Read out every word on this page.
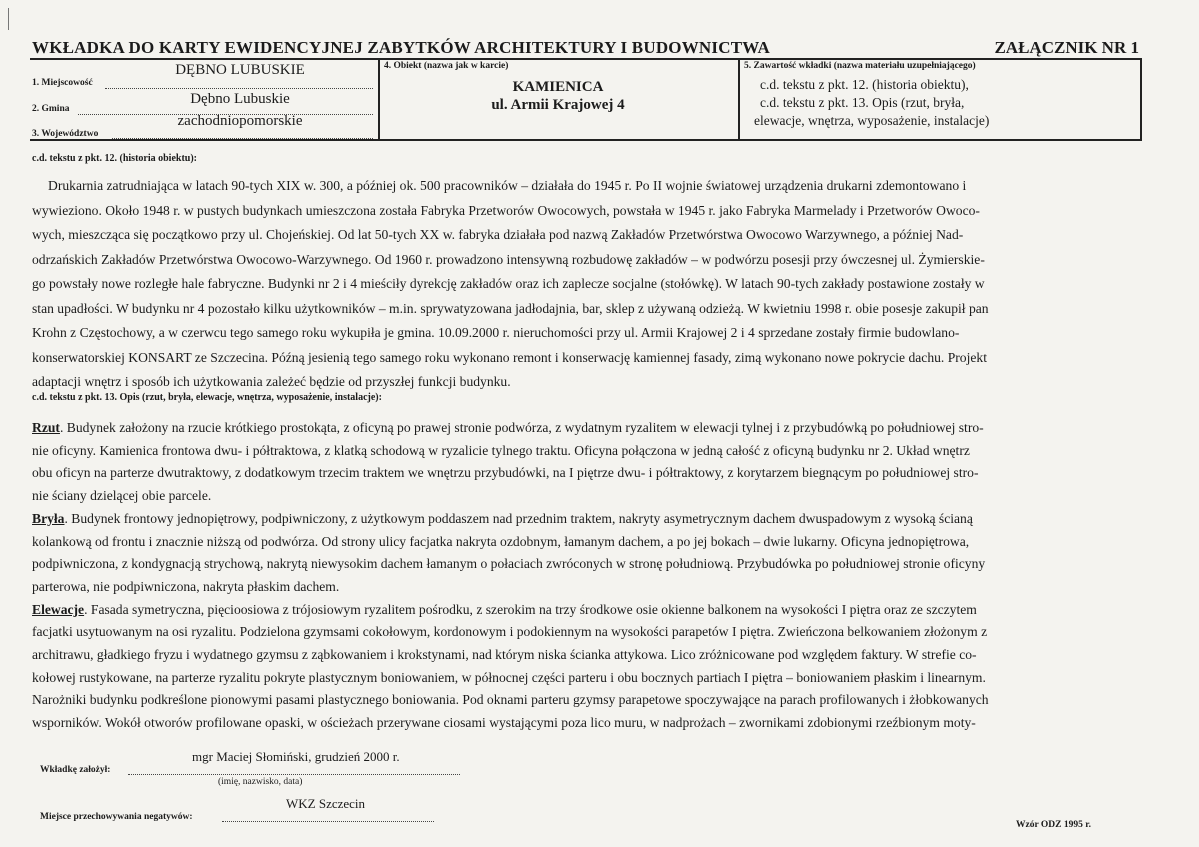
WKŁADKA DO KARTY EWIDENCYJNEJ ZABYTKÓW ARCHITEKTURY I BUDOWNICTWA	ZAŁĄCZNIK NR 1
1. Miejscowość
DĘBNO LUBUSKIE
2. Gmina
Dębno Lubuskie
3. Województwo
zachodniopomorskie
4. Obiekt (nazwa jak w karcie)
KAMIENICA
ul. Armii Krajowej 4
5. Zawartość wkładki (nazwa materiału uzupełniającego)
c.d. tekstu z pkt. 12. (historia obiektu),
c.d. tekstu z pkt. 13. Opis (rzut, bryła,
elewacje, wnętrza, wyposażenie, instalacje)
c.d. tekstu z pkt. 12. (historia obiektu):
Drukarnia zatrudniająca w latach 90-tych XIX w. 300, a później ok. 500 pracowników – działała do 1945 r. Po II wojnie światowej urządzenia drukarni zdemontowano i
wywieziono. Około 1948 r. w pustych budynkach umieszczona została Fabryka Przetworów Owocowych, powstała w 1945 r. jako Fabryka Marmelady i Przetworów Owoco-
wych, mieszcząca się początkowo przy ul. Chojeńskiej. Od lat 50-tych XX w. fabryka działała pod nazwą Zakładów Przetwórstwa Owocowo Warzywnego, a później Nad-
odrzańskich Zakładów Przetwórstwa Owocowo-Warzywnego. Od 1960 r. prowadzono intensywną rozbudowę zakładów – w podwórzu posesji przy ówczesnej ul. Żymierskie-
go powstały nowe rozległe hale fabryczne. Budynki nr 2 i 4 mieściły dyrekcję zakładów oraz ich zaplecze socjalne (stołówkę). W latach 90-tych zakłady postawione zostały w
stan upadłości. W budynku nr 4 pozostało kilku użytkowników – m.in. sprywatyzowana jadłodajnia, bar, sklep z używaną odzieżą. W kwietniu 1998 r. obie posesje zakupił pan
Krohn z Częstochowy, a w czerwcu tego samego roku wykupiła je gmina. 10.09.2000 r. nieruchomości przy ul. Armii Krajowej 2 i 4 sprzedane zostały firmie budowlano-
konserwatorskiej KONSART ze Szczecina. Późną jesienią tego samego roku wykonano remont i konserwację kamiennej fasady, zimą wykonano nowe pokrycie dachu. Projekt
adaptacji wnętrz i sposób ich użytkowania zależeć będzie od przyszłej funkcji budynku.
c.d. tekstu z pkt. 13. Opis (rzut, bryła, elewacje, wnętrza, wyposażenie, instalacje):
Rzut. Budynek założony na rzucie krótkiego prostokąta, z oficyną po prawej stronie podwórza, z wydatnym ryzalitem w elewacji tylnej i z przybudówką po południowej stro-
nie oficyny. Kamienica frontowa dwu- i półtraktowa, z klatką schodową w ryzalicie tylnego traktu. Oficyna połączona w jedną całość z oficyną budynku nr 2. Układ wnętrz
obu oficyn na parterze dwutraktowy, z dodatkowym trzecim traktem we wnętrzu przybudówki, na I piętrze dwu- i półtraktowy, z korytarzem biegnącym po południowej stro-
nie ściany dzielącej obie parcele.
Bryła. Budynek frontowy jednopiętrowy, podpiwniczony, z użytkowym poddaszem nad przednim traktem, nakryty asymetrycznym dachem dwuspadowym z wysoką ścianą
kolankową od frontu i znacznie niższą od podwórza. Od strony ulicy facjatka nakryta ozdobnym, łamanym dachem, a po jej bokach – dwie lukarny. Oficyna jednopiętrowa,
podpiwniczona, z kondygnacją strychową, nakrytą niewysokim dachem łamanym o połaciach zwróconych w stronę południową. Przybudówka po południowej stronie oficyny
parterowa, nie podpiwniczona, nakryta płaskim dachem.
Elewacje. Fasada symetryczna, pięcioosiowa z trójosiowym ryzalitem pośrodku, z szerokim na trzy środkowe osie okienne balkonem na wysokości I piętra oraz ze szczytem
facjatki usytuowanym na osi ryzalitu. Podzielona gzymsami cokołowym, kordonowym i podokiennym na wysokości parapetów I piętra. Zwieńczona belkowaniem złożonym z
architrawu, gładkiego fryzu i wydatnego gzymsu z ząbkowaniem i krokstynami, nad którym niska ścianka attykowa. Lico zróżnicowane pod względem faktury. W strefie co-
kołowej rustykowane, na parterze ryzalitu pokryte plastycznym boniowaniem, w północnej części parteru i obu bocznych partiach I piętra – boniowaniem płaskim i linearnym.
Narożniki budynku podkreślone pionowymi pasami plastycznego boniowania. Pod oknami parteru gzymsy parapetowe spoczywające na parach profilowanych i żłobkowanych
wsporników. Wokół otworów profilowane opaski, w ościeżach przerywane ciosami wystającymi poza lico muru, w nadprożach – zwornikami zdobionymi rzeźbionym moty-
mgr Maciej Słomiński, grudzień 2000 r.
Wkładkę założył:
(imię, nazwisko, data)
WKZ Szczecin
Miejsce przechowywania negatywów:
Wzór ODZ 1995 r.
